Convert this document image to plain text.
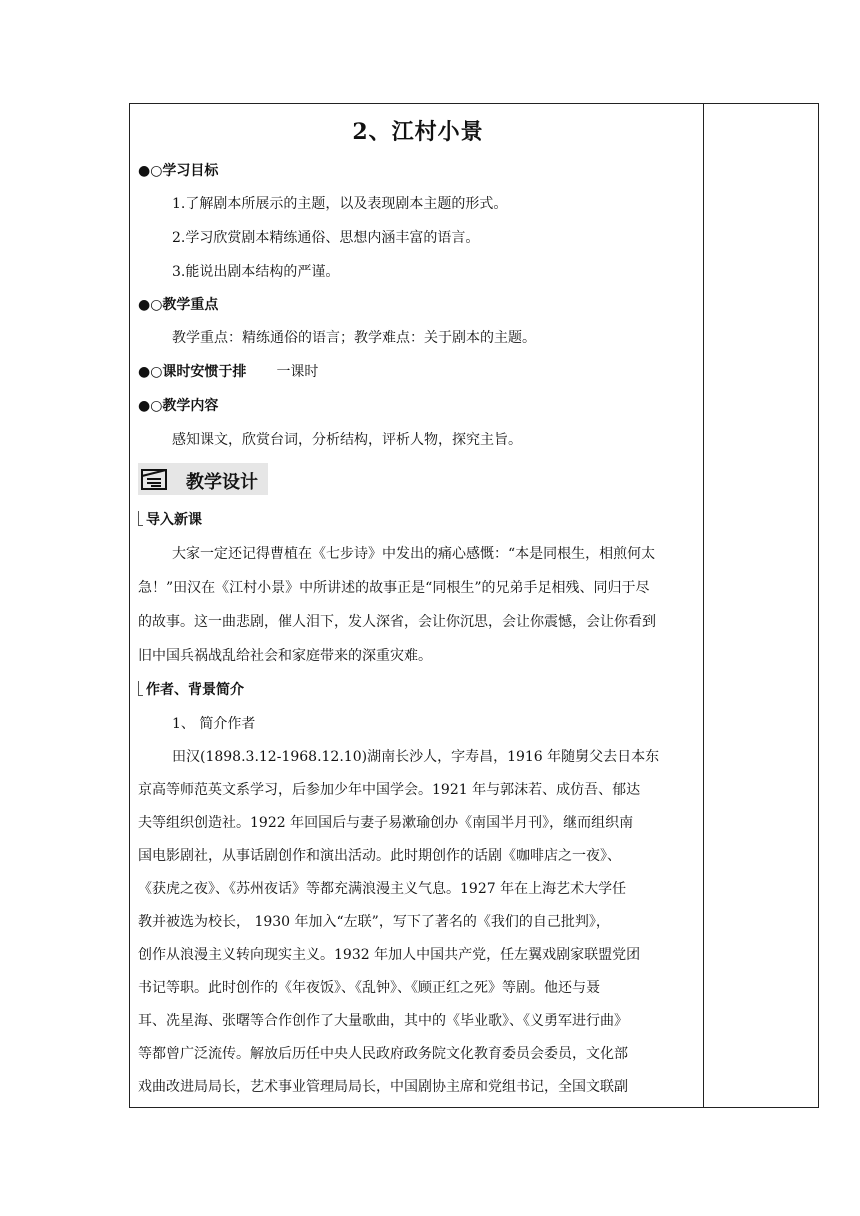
2、江村小景
●○学习目标
1.了解剧本所展示的主题，以及表现剧本主题的形式。
2.学习欣赏剧本精练通俗、思想内涵丰富的语言。
3.能说出剧本结构的严谨。
●○教学重点
教学重点：精练通俗的语言；教学难点：关于剧本的主题。
●○课时安惯于排 一课时
●○教学内容
感知课文，欣赏台词，分析结构，评析人物，探究主旨。
教学设计
导入新课
大家一定还记得曹植在《七步诗》中发出的痛心感慨：“本是同根生，相煎何太
急！”田汉在《江村小景》中所讲述的故事正是“同根生”的兄弟手足相残、同归于尽
的故事。这一曲悲剧，催人泪下，发人深省，会让你沉思，会让你震憾，会让你看到
旧中国兵祸战乱给社会和家庭带来的深重灾难。
作者、背景简介
1、 简介作者
田汉(1898.3.12-1968.12.10)湖南长沙人，字寿昌，1916 年随舅父去日本东
京高等师范英文系学习，后参加少年中国学会。1921 年与郭沫若、成仿吾、郁达
夫等组织创造社。1922 年回国后与妻子易漱瑜创办《南国半月刊》，继而组织南
国电影剧社，从事话剧创作和演出活动。此时期创作的话剧《咖啡店之一夜》、
《获虎之夜》、《苏州夜话》等都充满浪漫主义气息。1927 年在上海艺术大学任
教并被选为校长， 1930 年加入“左联”，写下了著名的《我们的自己批判》，
创作从浪漫主义转向现实主义。1932 年加人中国共产党，任左翼戏剧家联盟党团
书记等职。此时创作的《年夜饭》、《乱钟》、《顾正红之死》等剧。他还与聂
耳、冼星海、张曙等合作创作了大量歌曲，其中的《毕业歌》、《义勇军进行曲》
等都曾广泛流传。解放后历任中央人民政府政务院文化教育委员会委员，文化部
戏曲改进局局长，艺术事业管理局局长，中国剧协主席和党组书记，全国文联副
